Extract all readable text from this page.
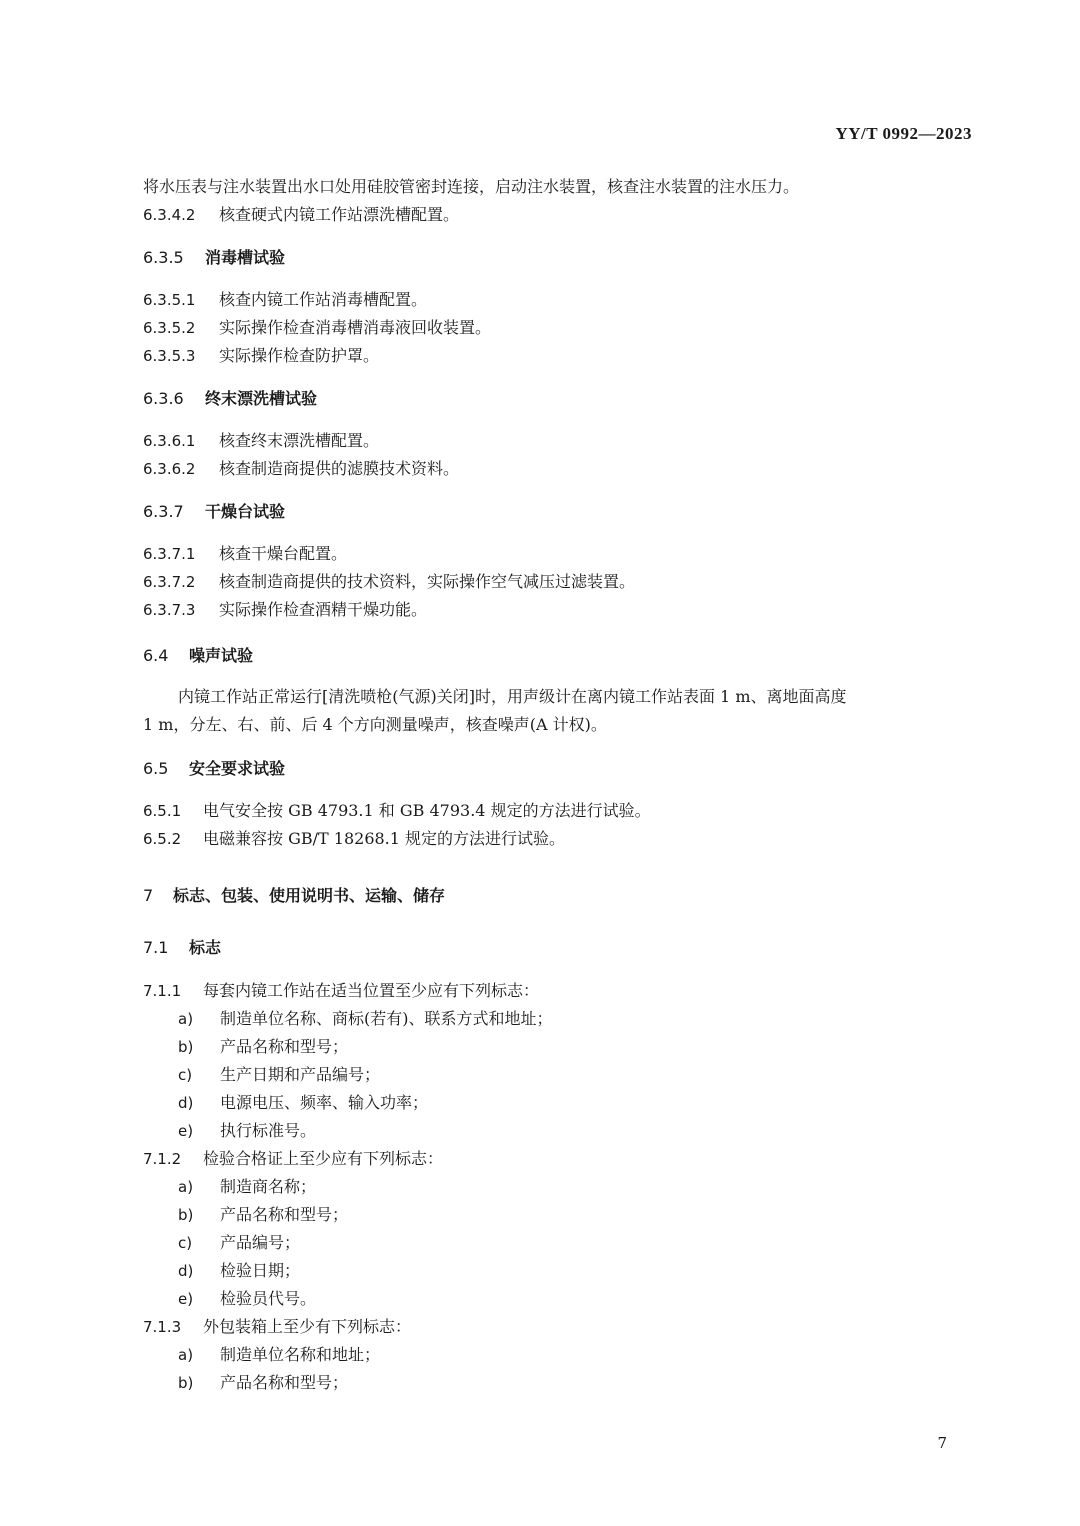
YY/T 0992—2023
将水压表与注水装置出水口处用硅胶管密封连接，启动注水装置，核查注水装置的注水压力。
6.3.4.2 核查硬式内镜工作站漂洗槽配置。
6.3.5 消毒槽试验
6.3.5.1 核查内镜工作站消毒槽配置。
6.3.5.2 实际操作检查消毒槽消毒液回收装置。
6.3.5.3 实际操作检查防护罩。
6.3.6 终末漂洗槽试验
6.3.6.1 核查终末漂洗槽配置。
6.3.6.2 核查制造商提供的滤膜技术资料。
6.3.7 干燥台试验
6.3.7.1 核查干燥台配置。
6.3.7.2 核查制造商提供的技术资料，实际操作空气减压过滤装置。
6.3.7.3 实际操作检查酒精干燥功能。
6.4 噪声试验
内镜工作站正常运行[清洗喷枪(气源)关闭]时，用声级计在离内镜工作站表面 1 m、离地面高度
1 m，分左、右、前、后 4 个方向测量噪声，核查噪声(A 计权)。
6.5 安全要求试验
6.5.1 电气安全按 GB 4793.1 和 GB 4793.4 规定的方法进行试验。
6.5.2 电磁兼容按 GB/T 18268.1 规定的方法进行试验。
7 标志、包装、使用说明书、运输、储存
7.1 标志
7.1.1 每套内镜工作站在适当位置至少应有下列标志：
a) 制造单位名称、商标(若有)、联系方式和地址；
b) 产品名称和型号；
c) 生产日期和产品编号；
d) 电源电压、频率、输入功率；
e) 执行标准号。
7.1.2 检验合格证上至少应有下列标志：
a) 制造商名称；
b) 产品名称和型号；
c) 产品编号；
d) 检验日期；
e) 检验员代号。
7.1.3 外包装箱上至少有下列标志：
a) 制造单位名称和地址；
b) 产品名称和型号；
7
